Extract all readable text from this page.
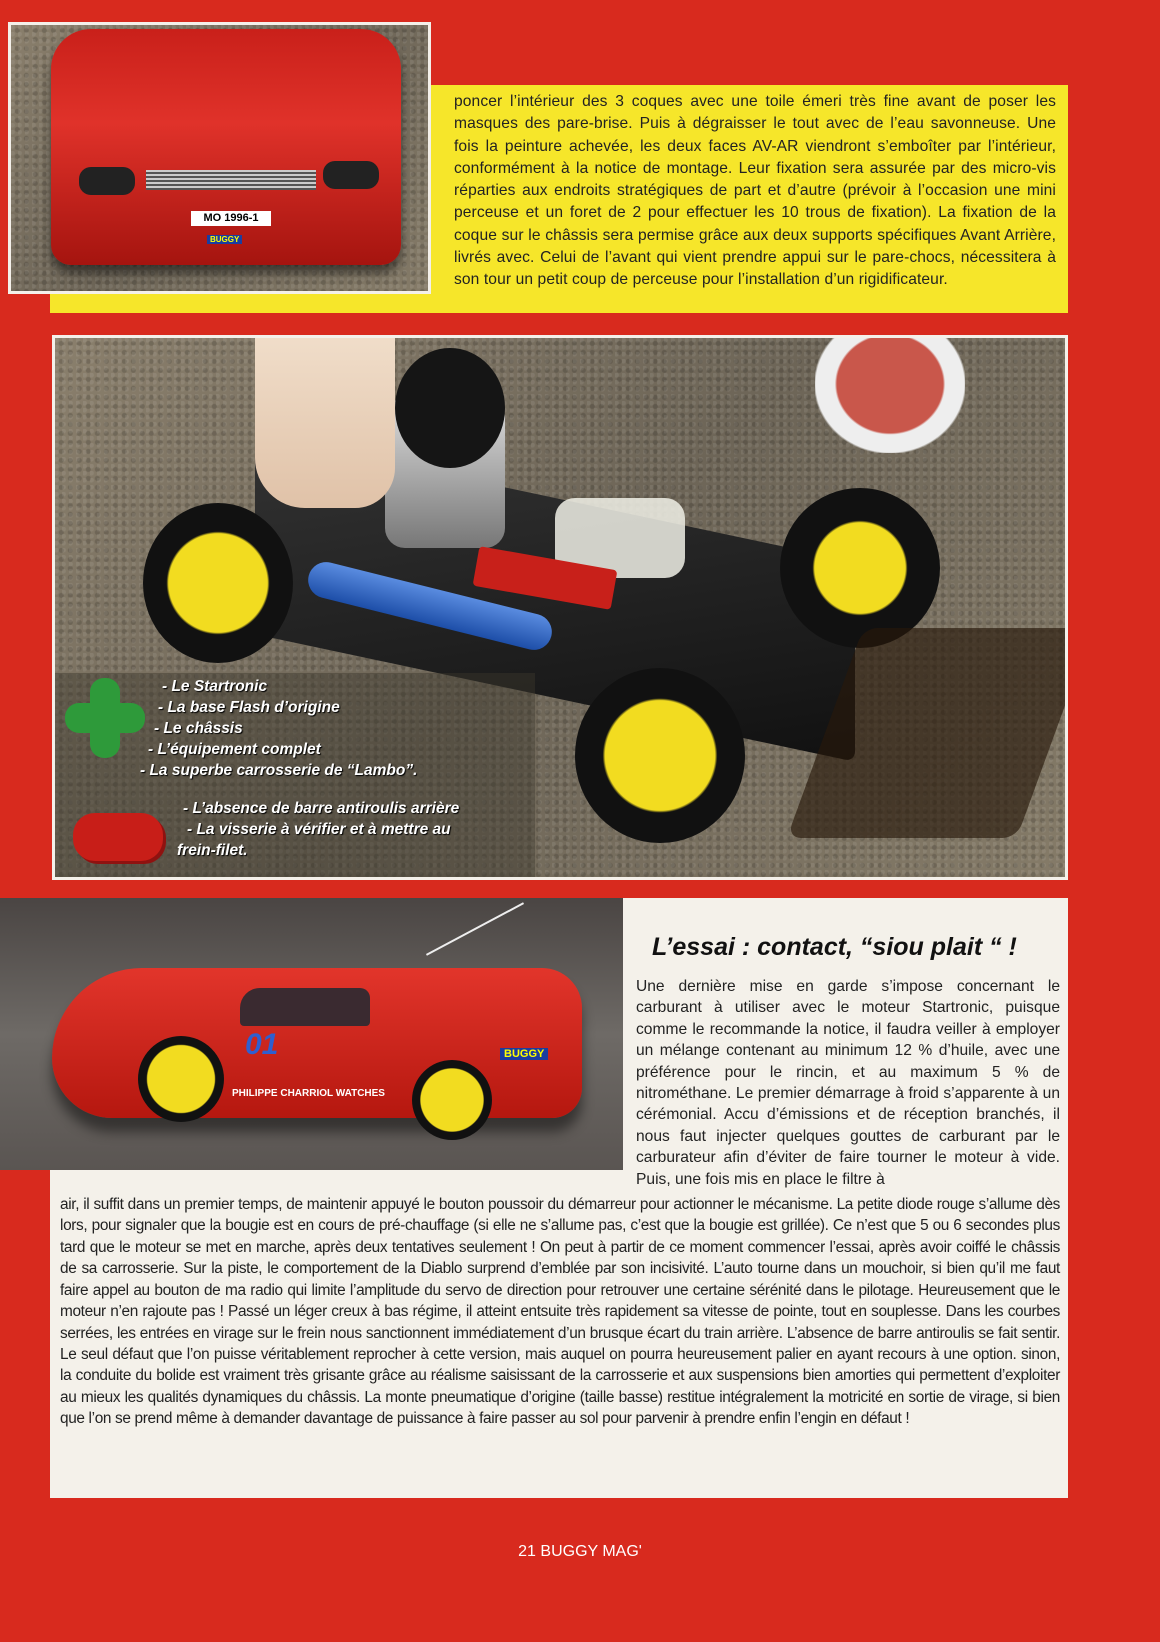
poncer l’intérieur des 3 coques avec une toile émeri très fine avant de poser les masques des pare-brise. Puis à dégraisser le tout avec de l’eau savonneuse. Une fois la peinture achevée, les deux faces AV-AR viendront s’emboîter par l’intérieur, conformément à la notice de montage. Leur fixation sera assurée par des micro-vis réparties aux endroits stratégiques de part et d’autre (prévoir à l’occasion une mini perceuse et un foret de 2 pour effectuer les 10 trous de fixation). La fixation de la coque sur le châssis sera permise grâce aux deux supports spécifiques Avant Arrière, livrés avec. Celui de l’avant qui vient prendre appui sur le pare-chocs, nécessitera à son tour un petit coup de perceuse pour l’installation d’un rigidificateur.

MO 1996-1
BUGGY
- Le Startronic
- La base Flash d’origine
- Le châssis
- L’équipement complet
- La superbe carrosserie de “Lambo”.
- L’absence de barre antiroulis arrière
- La visserie à vérifier et à mettre au
frein-filet.
01
PHILIPPE CHARRIOL WATCHES
BUGGY
L’essai : contact, “siou plait “ !

Une dernière mise en garde s’impose concernant le carburant à utiliser avec le moteur Startronic, puisque comme le recommande la notice, il faudra veiller à employer un mélange contenant au minimum 12 % d’huile, avec une préférence pour le rincin, et au maximum 5 % de nitrométhane. Le premier démarrage à froid s’apparente à un cérémonial. Accu d’émissions et de réception branchés, il nous faut injecter quelques gouttes de carburant par le carburateur afin d’éviter de faire tourner le moteur à vide. Puis, une fois mis en place le filtre à

air, il suffit dans un premier temps, de maintenir appuyé le bouton poussoir du démarreur pour actionner le mécanisme. La petite diode rouge s’allume dès lors, pour signaler que la bougie est en cours de pré-chauffage (si elle ne s’allume pas, c’est que la bougie est grillée). Ce n’est que 5 ou 6 secondes plus tard que le moteur se met en marche, après deux tentatives seulement ! On peut à partir de ce moment commencer l’essai, après avoir coiffé le châssis de sa carrosserie. Sur la piste, le comportement de la Diablo surprend d’emblée par son incisivité. L’auto tourne dans un mouchoir, si bien qu’il me faut faire appel au bouton de ma radio qui limite l’amplitude du servo de direction pour retrouver une certaine sérénité dans le pilotage. Heureusement que le moteur n’en rajoute pas ! Passé un léger creux à bas régime, il atteint entsuite très rapidement sa vitesse de pointe, tout en souplesse. Dans les courbes serrées, les entrées en virage sur le frein nous sanctionnent immédiatement d’un brusque écart du train arrière. L’absence de barre antiroulis se fait sentir. Le seul défaut que l’on puisse véritablement reprocher à cette version, mais auquel on pourra heureusement palier en ayant recours à une option. sinon, la conduite du bolide est vraiment très grisante grâce au réalisme saisissant de la carrosserie et aux suspensions bien amorties qui permettent d’exploiter au mieux les qualités dynamiques du châssis. La monte pneumatique d’origine (taille basse) restitue intégralement la motricité en sortie de virage, si bien que l’on se prend même à demander davantage de puissance à faire passer au sol pour parvenir à prendre enfin l’engin en défaut !

21 BUGGY MAG'
